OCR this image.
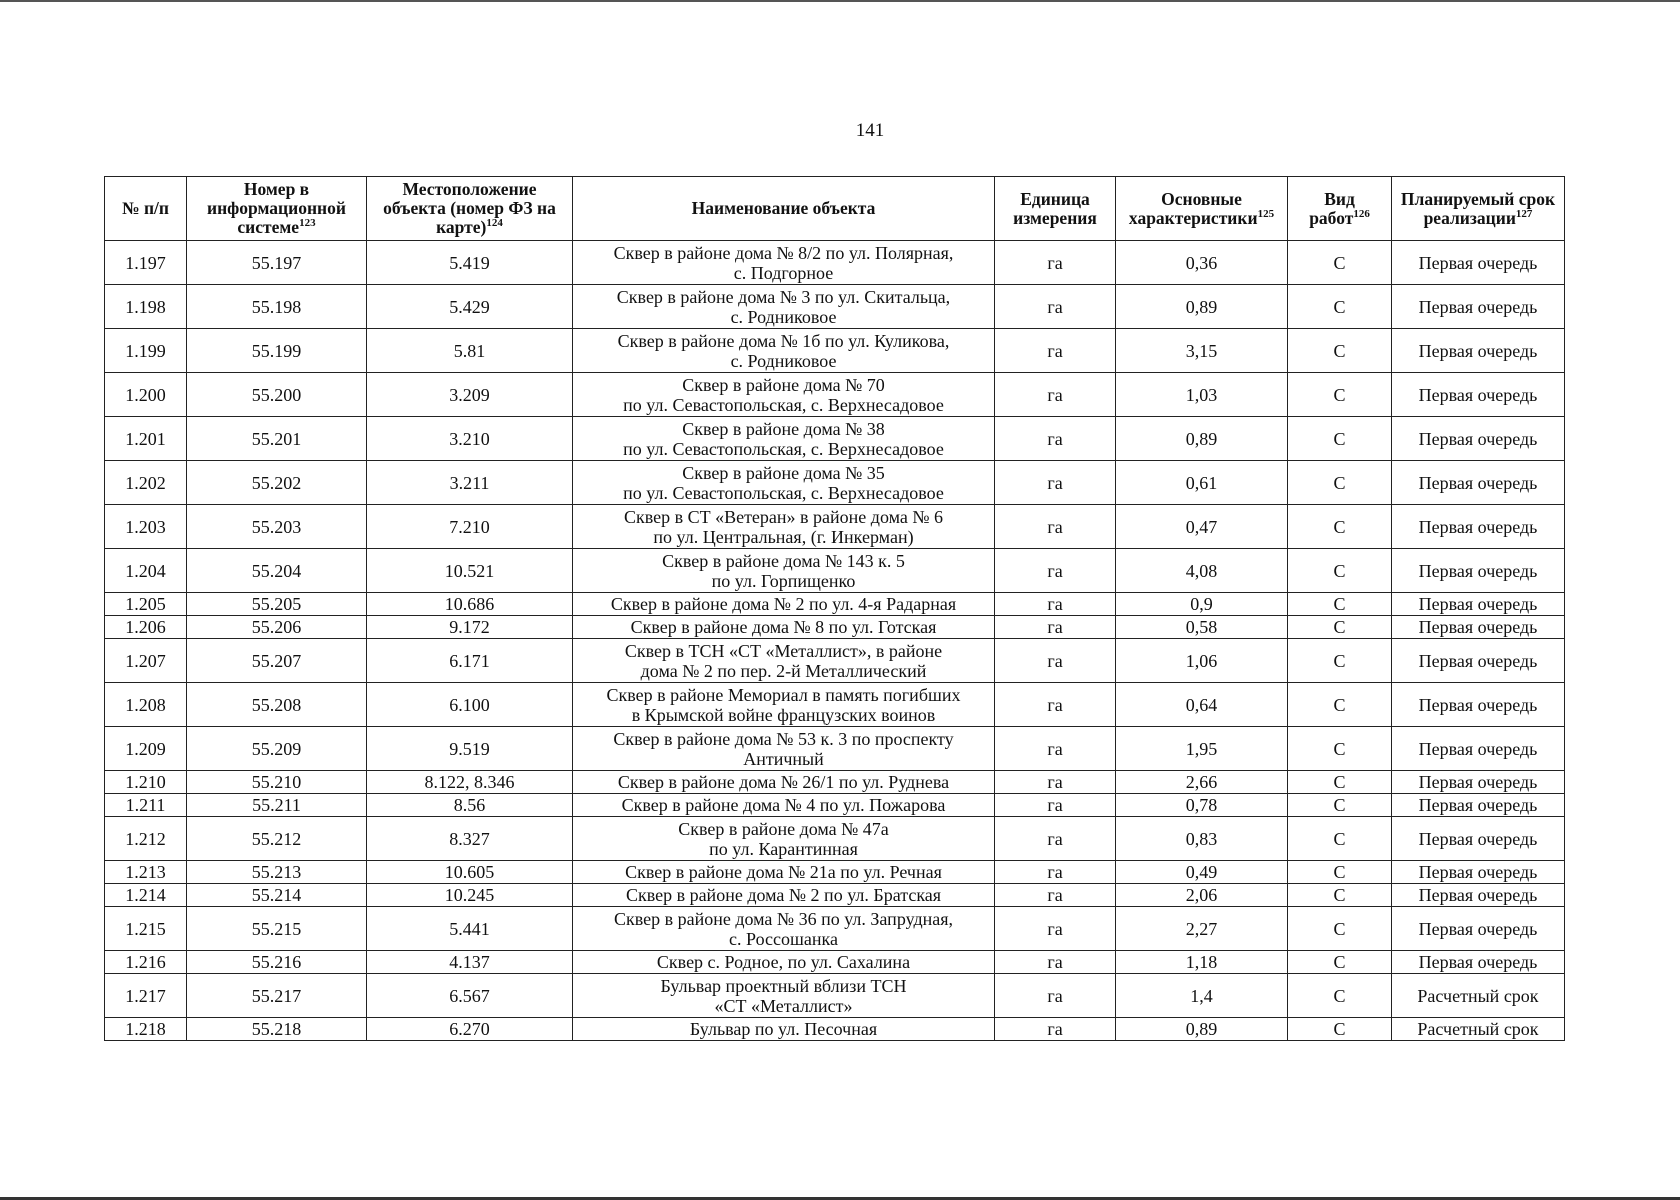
141
№ п/п	Номер в информационной системе$^{123}$	Местоположение объекта (номер ФЗ на карте)$^{124}$	Наименование объекта	Единица измерения	Основные характеристики$^{125}$	Вид работ$^{126}$	Планируемый срок реализации$^{127}$
1.197	55.197	5.419	Сквер в районе дома № 8/2 по ул. Полярная,
с. Подгорное	га	0,36	С	Первая очередь
1.198	55.198	5.429	Сквер в районе дома № 3 по ул. Скитальца,
с. Родниковое	га	0,89	С	Первая очередь
1.199	55.199	5.81	Сквер в районе дома № 1б по ул. Куликова,
с. Родниковое	га	3,15	С	Первая очередь
1.200	55.200	3.209	Сквер в районе дома № 70
по ул. Севастопольская, с. Верхнесадовое	га	1,03	С	Первая очередь
1.201	55.201	3.210	Сквер в районе дома № 38
по ул. Севастопольская, с. Верхнесадовое	га	0,89	С	Первая очередь
1.202	55.202	3.211	Сквер в районе дома № 35
по ул. Севастопольская, с. Верхнесадовое	га	0,61	С	Первая очередь
1.203	55.203	7.210	Сквер в СТ «Ветеран» в районе дома № 6
по ул. Центральная, (г. Инкерман)	га	0,47	С	Первая очередь
1.204	55.204	10.521	Сквер в районе дома № 143 к. 5
по ул. Горпищенко	га	4,08	С	Первая очередь
1.205	55.205	10.686	Сквер в районе дома № 2 по ул. 4-я Радарная	га	0,9	С	Первая очередь
1.206	55.206	9.172	Сквер в районе дома № 8 по ул. Готская	га	0,58	С	Первая очередь
1.207	55.207	6.171	Сквер в ТСН «СТ «Металлист», в районе
дома № 2 по пер. 2-й Металлический	га	1,06	С	Первая очередь
1.208	55.208	6.100	Сквер в районе Мемориал в память погибших
в Крымской войне французских воинов	га	0,64	С	Первая очередь
1.209	55.209	9.519	Сквер в районе дома № 53 к. 3 по проспекту
Античный	га	1,95	С	Первая очередь
1.210	55.210	8.122, 8.346	Сквер в районе дома № 26/1 по ул. Руднева	га	2,66	С	Первая очередь
1.211	55.211	8.56	Сквер в районе дома № 4 по ул. Пожарова	га	0,78	С	Первая очередь
1.212	55.212	8.327	Сквер в районе дома № 47а
по ул. Карантинная	га	0,83	С	Первая очередь
1.213	55.213	10.605	Сквер в районе дома № 21а по ул. Речная	га	0,49	С	Первая очередь
1.214	55.214	10.245	Сквер в районе дома № 2 по ул. Братская	га	2,06	С	Первая очередь
1.215	55.215	5.441	Сквер в районе дома № 36 по ул. Запрудная,
с. Россошанка	га	2,27	С	Первая очередь
1.216	55.216	4.137	Сквер с. Родное, по ул. Сахалина	га	1,18	С	Первая очередь
1.217	55.217	6.567	Бульвар проектный вблизи ТСН
«СТ «Металлист»	га	1,4	С	Расчетный срок
1.218	55.218	6.270	Бульвар по ул. Песочная	га	0,89	С	Расчетный срок
